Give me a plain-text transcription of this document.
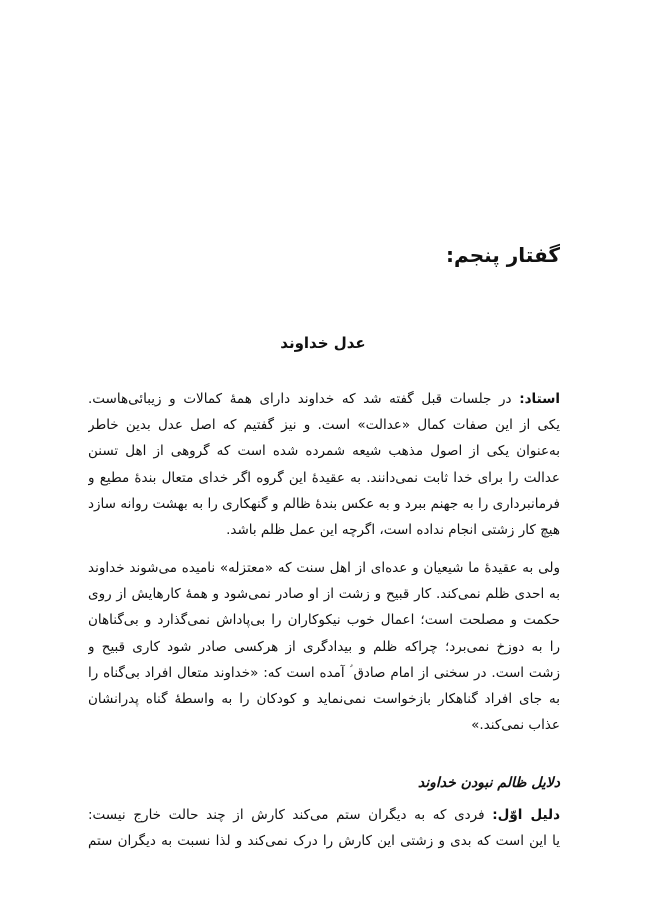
گفتار پنجم:
عدل خداوند
استاد: در جلسات قبل گفته شد که خداوند دارای همهٔ کمالات و زیبائی‌هاست.
یکی از این صفات کمال «عدالت» است. و نیز گفتیم که اصل عدل بدین خاطر
به‌عنوان یکی از اصول مذهب شیعه شمرده شده است که گروهی از اهل تسنن
عدالت را برای خدا ثابت نمی‌دانند. به عقیدهٔ این گروه اگر خدای متعال بندهٔ مطیع و
فرمانبرداری را به جهنم ببرد و به عکس بندهٔ ظالم و گنهکاری را به بهشت روانه سازد
هیچ کار زشتی انجام نداده است، اگرچه این عمل ظلم باشد.
ولی به عقیدهٔ ما شیعیان و عده‌ای از اهل سنت که «معتزله» نامیده می‌شوند خداوند
به احدی ظلم نمی‌کند. کار قبیح و زشت از او صادر نمی‌شود و همهٔ کارهایش از روی
حکمت و مصلحت است؛ اعمال خوب نیکوکاران را بی‌پاداش نمی‌گذارد و بی‌گناهان
را به دوزخ نمی‌برد؛ چراکه ظلم و بیدادگری از هرکسی صادر شود کاری قبیح و
زشت است. در سخنی از امام صادق ؑ آمده است که: «خداوند متعال افراد بی‌گناه را
به جای افراد گناهکار بازخواست نمی‌نماید و کودکان را به واسطهٔ گناه پدرانشان
عذاب نمی‌کند.»
دلایل ظالم نبودن خداوند
دلیل اوّل: فردی که به دیگران ستم می‌کند کارش از چند حالت خارج نیست:
یا این است که بدی و زشتی این کارش را درک نمی‌کند و لذا نسبت به دیگران ستم
